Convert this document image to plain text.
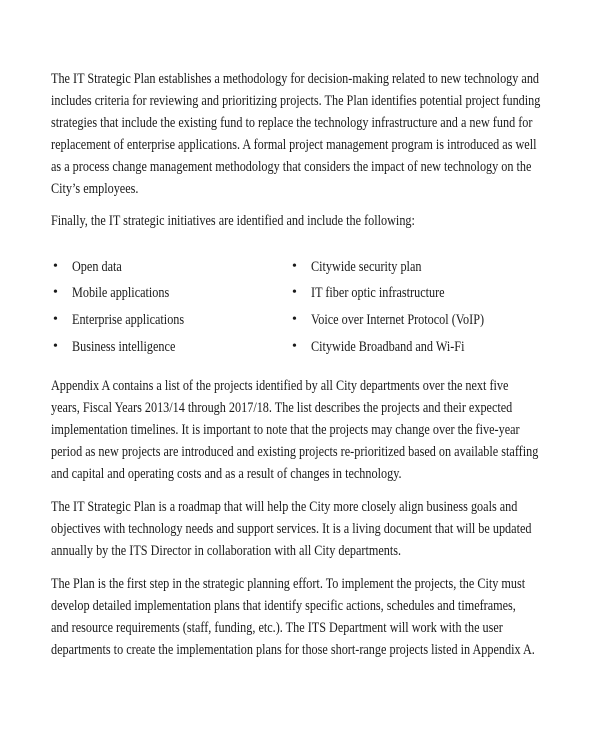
The IT Strategic Plan establishes a methodology for decision-making related to new technology and
includes criteria for reviewing and prioritizing projects. The Plan identifies potential project funding
strategies that include the existing fund to replace the technology infrastructure and a new fund for
replacement of enterprise applications. A formal project management program is introduced as well
as a process change management methodology that considers the impact of new technology on the
City’s employees.
Finally, the IT strategic initiatives are identified and include the following:
• Open data
• Mobile applications
• Enterprise applications
• Business intelligence
• Citywide security plan
• IT fiber optic infrastructure
• Voice over Internet Protocol (VoIP)
• Citywide Broadband and Wi-Fi
Appendix A contains a list of the projects identified by all City departments over the next five
years, Fiscal Years 2013/14 through 2017/18. The list describes the projects and their expected
implementation timelines. It is important to note that the projects may change over the five-year
period as new projects are introduced and existing projects re-prioritized based on available staffing
and capital and operating costs and as a result of changes in technology.
The IT Strategic Plan is a roadmap that will help the City more closely align business goals and
objectives with technology needs and support services. It is a living document that will be updated
annually by the ITS Director in collaboration with all City departments.
The Plan is the first step in the strategic planning effort. To implement the projects, the City must
develop detailed implementation plans that identify specific actions, schedules and timeframes,
and resource requirements (staff, funding, etc.). The ITS Department will work with the user
departments to create the implementation plans for those short-range projects listed in Appendix A.
